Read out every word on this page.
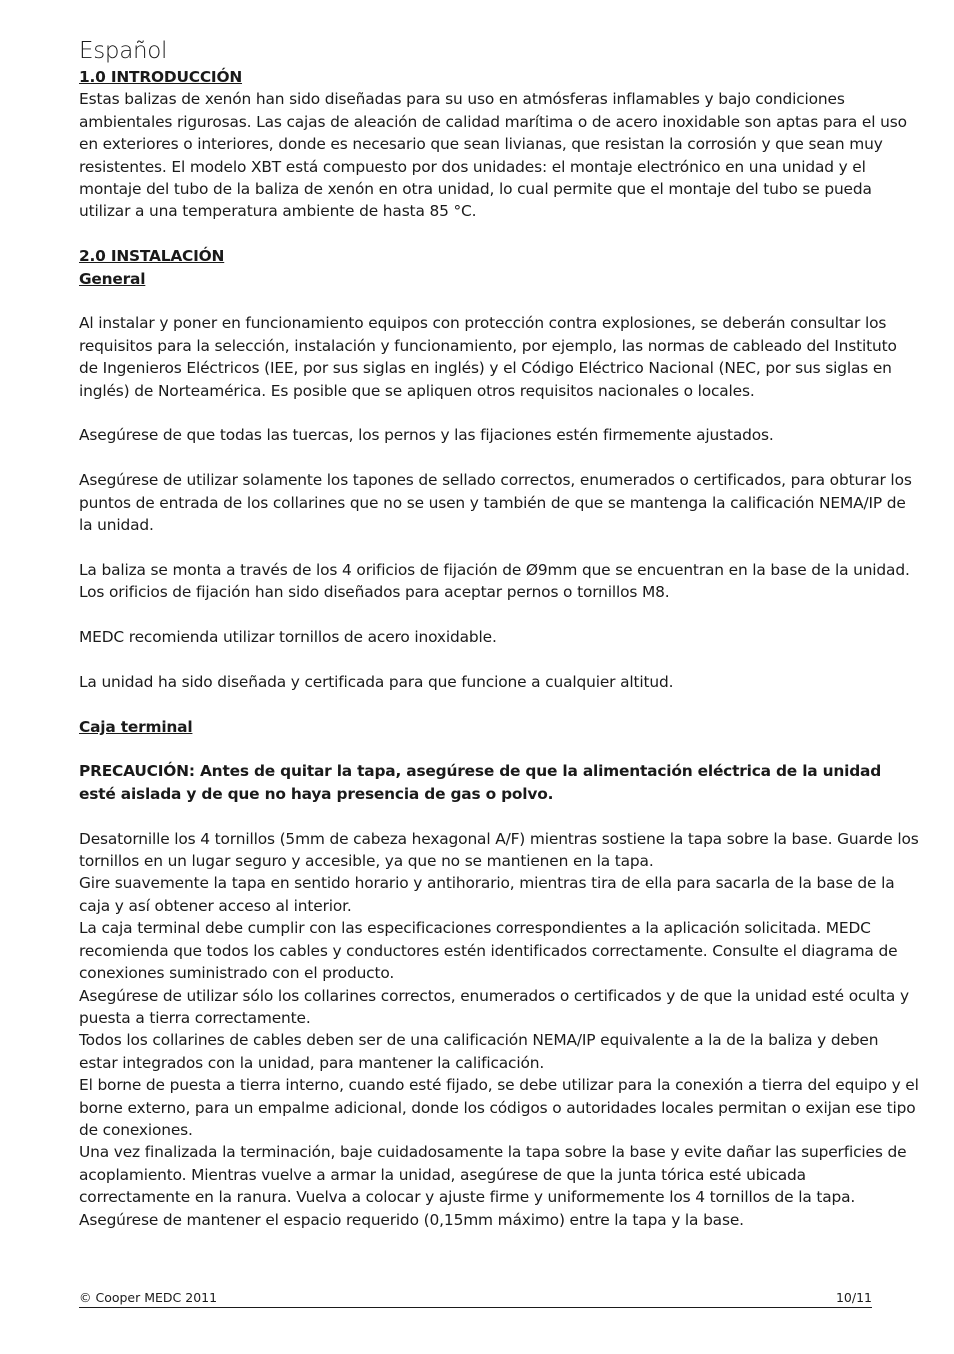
Español

1.0 INTRODUCCIÓN

Estas balizas de xenón han sido diseñadas para su uso en atmósferas inflamables y bajo condiciones ambientales rigurosas. Las cajas de aleación de calidad marítima o de acero inoxidable son aptas para el uso en exteriores o interiores, donde es necesario que sean livianas, que resistan la corrosión y que sean muy resistentes. El modelo XBT está compuesto por dos unidades: el montaje electrónico en una unidad y el montaje del tubo de la baliza de xenón en otra unidad, lo cual permite que el montaje del tubo se pueda utilizar a una temperatura ambiente de hasta 85 °C.

2.0 INSTALACIÓN

General

Al instalar y poner en funcionamiento equipos con protección contra explosiones, se deberán consultar los requisitos para la selección, instalación y funcionamiento, por ejemplo, las normas de cableado del Instituto de Ingenieros Eléctricos (IEE, por sus siglas en inglés) y el Código Eléctrico Nacional (NEC, por sus siglas en inglés) de Norteamérica. Es posible que se apliquen otros requisitos nacionales o locales.

Asegúrese de que todas las tuercas, los pernos y las fijaciones estén firmemente ajustados.

Asegúrese de utilizar solamente los tapones de sellado correctos, enumerados o certificados, para obturar los puntos de entrada de los collarines que no se usen y también de que se mantenga la calificación NEMA/IP de la unidad.

La baliza se monta a través de los 4 orificios de fijación de Ø9mm que se encuentran en la base de la unidad. Los orificios de fijación han sido diseñados para aceptar pernos o tornillos M8.

MEDC recomienda utilizar tornillos de acero inoxidable.

La unidad ha sido diseñada y certificada para que funcione a cualquier altitud.

Caja terminal

PRECAUCIÓN: Antes de quitar la tapa, asegúrese de que la alimentación eléctrica de la unidad esté aislada y de que no haya presencia de gas o polvo.

Desatornille los 4 tornillos (5mm de cabeza hexagonal A/F) mientras sostiene la tapa sobre la base. Guarde los tornillos en un lugar seguro y accesible, ya que no se mantienen en la tapa.

Gire suavemente la tapa en sentido horario y antihorario, mientras tira de ella para sacarla de la base de la caja y así obtener acceso al interior.

La caja terminal debe cumplir con las especificaciones correspondientes a la aplicación solicitada. MEDC recomienda que todos los cables y conductores estén identificados correctamente. Consulte el diagrama de conexiones suministrado con el producto.

Asegúrese de utilizar sólo los collarines correctos, enumerados o certificados y de que la unidad esté oculta y puesta a tierra correctamente.

Todos los collarines de cables deben ser de una calificación NEMA/IP equivalente a la de la baliza y deben estar integrados con la unidad, para mantener la calificación.

El borne de puesta a tierra interno, cuando esté fijado, se debe utilizar para la conexión a tierra del equipo y el borne externo, para un empalme adicional, donde los códigos o autoridades locales permitan o exijan ese tipo de conexiones.

Una vez finalizada la terminación, baje cuidadosamente la tapa sobre la base y evite dañar las superficies de acoplamiento. Mientras vuelve a armar la unidad, asegúrese de que la junta tórica esté ubicada correctamente en la ranura. Vuelva a colocar y ajuste firme y uniformemente los 4 tornillos de la tapa. Asegúrese de mantener el espacio requerido (0,15mm máximo) entre la tapa y la base.

© Cooper MEDC 2011	10/11
